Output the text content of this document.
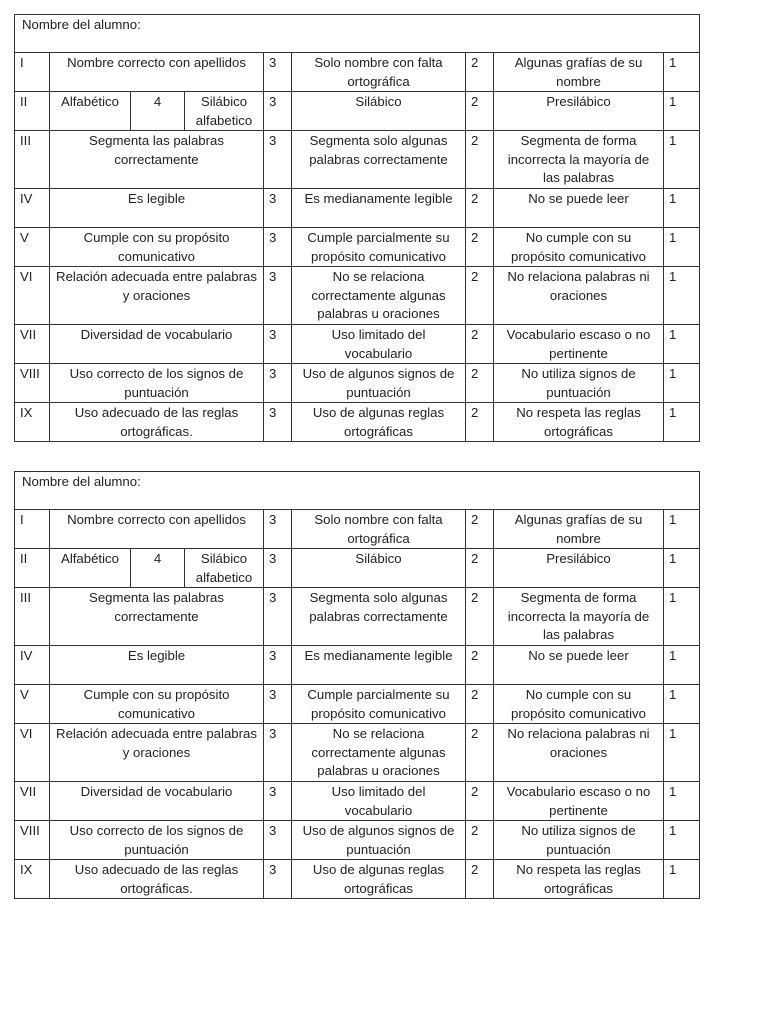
Nombre del alumno:								
I	Nombre correcto con apellidos			3	Solo nombre con falta ortográfica	2	Algunas grafías de su nombre	1
II	Alfabético	4	Silábico alfabetico	3	Silábico	2	Presilábico	1
III	Segmenta las palabras correctamente			3	Segmenta solo algunas palabras correctamente	2	Segmenta de forma incorrecta la mayoría de las palabras	1
IV	Es legible			3	Es medianamente legible	2	No se puede leer	1
V	Cumple con su propósito comunicativo			3	Cumple parcialmente su propósito comunicativo	2	No cumple con su propósito comunicativo	1
VI	Relación adecuada entre palabras y oraciones			3	No se relaciona correctamente algunas palabras u oraciones	2	No relaciona palabras ni oraciones	1
VII	Diversidad de vocabulario			3	Uso limitado del vocabulario	2	Vocabulario escaso o no pertinente	1
VIII	Uso correcto de los signos de puntuación			3	Uso de algunos signos de puntuación	2	No utiliza signos de puntuación	1
IX	Uso adecuado de las reglas ortográficas.			3	Uso de algunas reglas ortográficas	2	No respeta las reglas ortográficas	1
Nombre del alumno:								
I	Nombre correcto con apellidos			3	Solo nombre con falta ortográfica	2	Algunas grafías de su nombre	1
II	Alfabético	4	Silábico alfabetico	3	Silábico	2	Presilábico	1
III	Segmenta las palabras correctamente			3	Segmenta solo algunas palabras correctamente	2	Segmenta de forma incorrecta la mayoría de las palabras	1
IV	Es legible			3	Es medianamente legible	2	No se puede leer	1
V	Cumple con su propósito comunicativo			3	Cumple parcialmente su propósito comunicativo	2	No cumple con su propósito comunicativo	1
VI	Relación adecuada entre palabras y oraciones			3	No se relaciona correctamente algunas palabras u oraciones	2	No relaciona palabras ni oraciones	1
VII	Diversidad de vocabulario			3	Uso limitado del vocabulario	2	Vocabulario escaso o no pertinente	1
VIII	Uso correcto de los signos de puntuación			3	Uso de algunos signos de puntuación	2	No utiliza signos de puntuación	1
IX	Uso adecuado de las reglas ortográficas.			3	Uso de algunas reglas ortográficas	2	No respeta las reglas ortográficas	1
